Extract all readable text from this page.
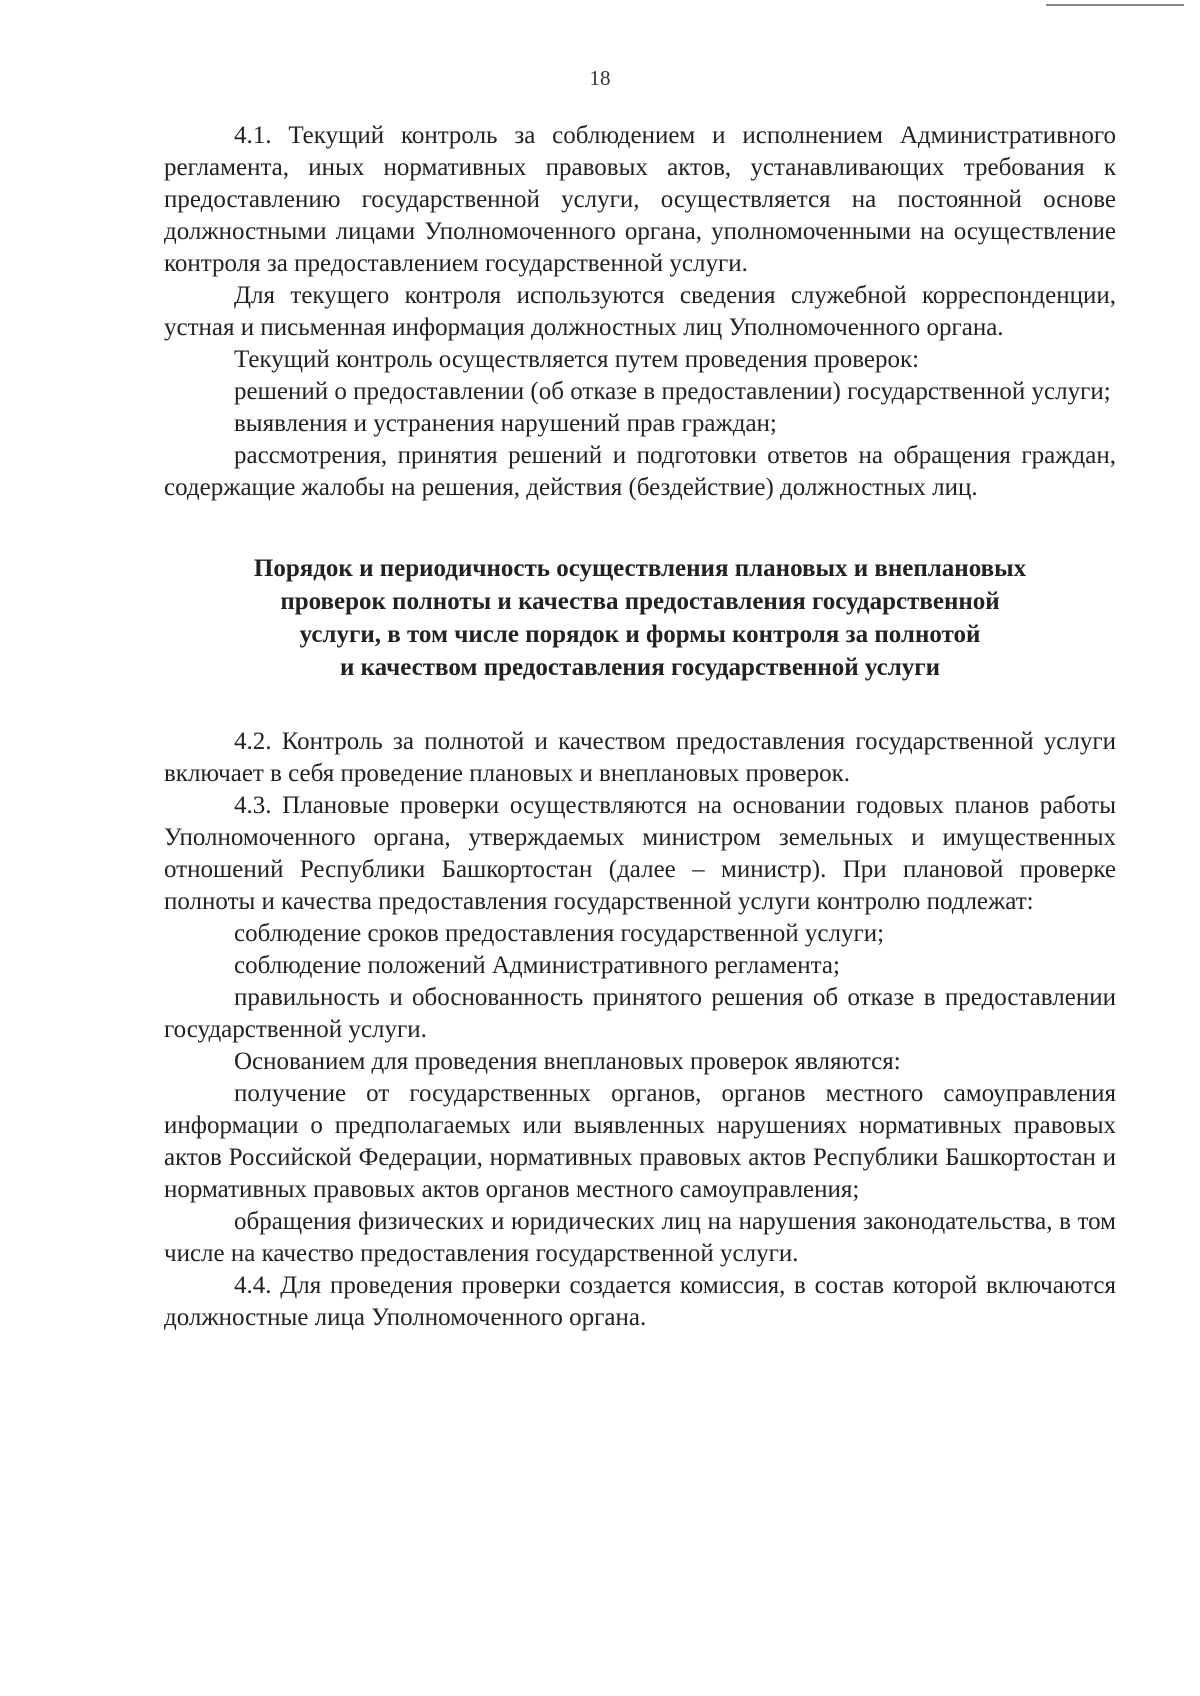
18

4.1. Текущий контроль за соблюдением и исполнением Административного регламента, иных нормативных правовых актов, устанавливающих требования к предоставлению государственной услуги, осуществляется на постоянной основе должностными лицами Уполномоченного органа, уполномоченными на осуществление контроля за предоставлением государственной услуги.

Для текущего контроля используются сведения служебной корреспонденции, устная и письменная информация должностных лиц Уполномоченного органа.

Текущий контроль осуществляется путем проведения проверок:

решений о предоставлении (об отказе в предоставлении) государственной услуги;

выявления и устранения нарушений прав граждан;

рассмотрения, принятия решений и подготовки ответов на обращения граждан, содержащие жалобы на решения, действия (бездействие) должностных лиц.

Порядок и периодичность осуществления плановых и внеплановых
проверок полноты и качества предоставления государственной
услуги, в том числе порядок и формы контроля за полнотой
и качеством предоставления государственной услуги

4.2. Контроль за полнотой и качеством предоставления государственной услуги включает в себя проведение плановых и внеплановых проверок.

4.3. Плановые проверки осуществляются на основании годовых планов работы Уполномоченного органа, утверждаемых министром земельных и имущественных отношений Республики Башкортостан (далее – министр). При плановой проверке полноты и качества предоставления государственной услуги контролю подлежат:

соблюдение сроков предоставления государственной услуги;

соблюдение положений Административного регламента;

правильность и обоснованность принятого решения об отказе в предоставлении государственной услуги.

Основанием для проведения внеплановых проверок являются:

получение от государственных органов, органов местного самоуправления информации о предполагаемых или выявленных нарушениях нормативных правовых актов Российской Федерации, нормативных правовых актов Республики Башкортостан и нормативных правовых актов органов местного самоуправления;

обращения физических и юридических лиц на нарушения законодательства, в том числе на качество предоставления государственной услуги.

4.4. Для проведения проверки создается комиссия, в состав которой включаются должностные лица Уполномоченного органа.
